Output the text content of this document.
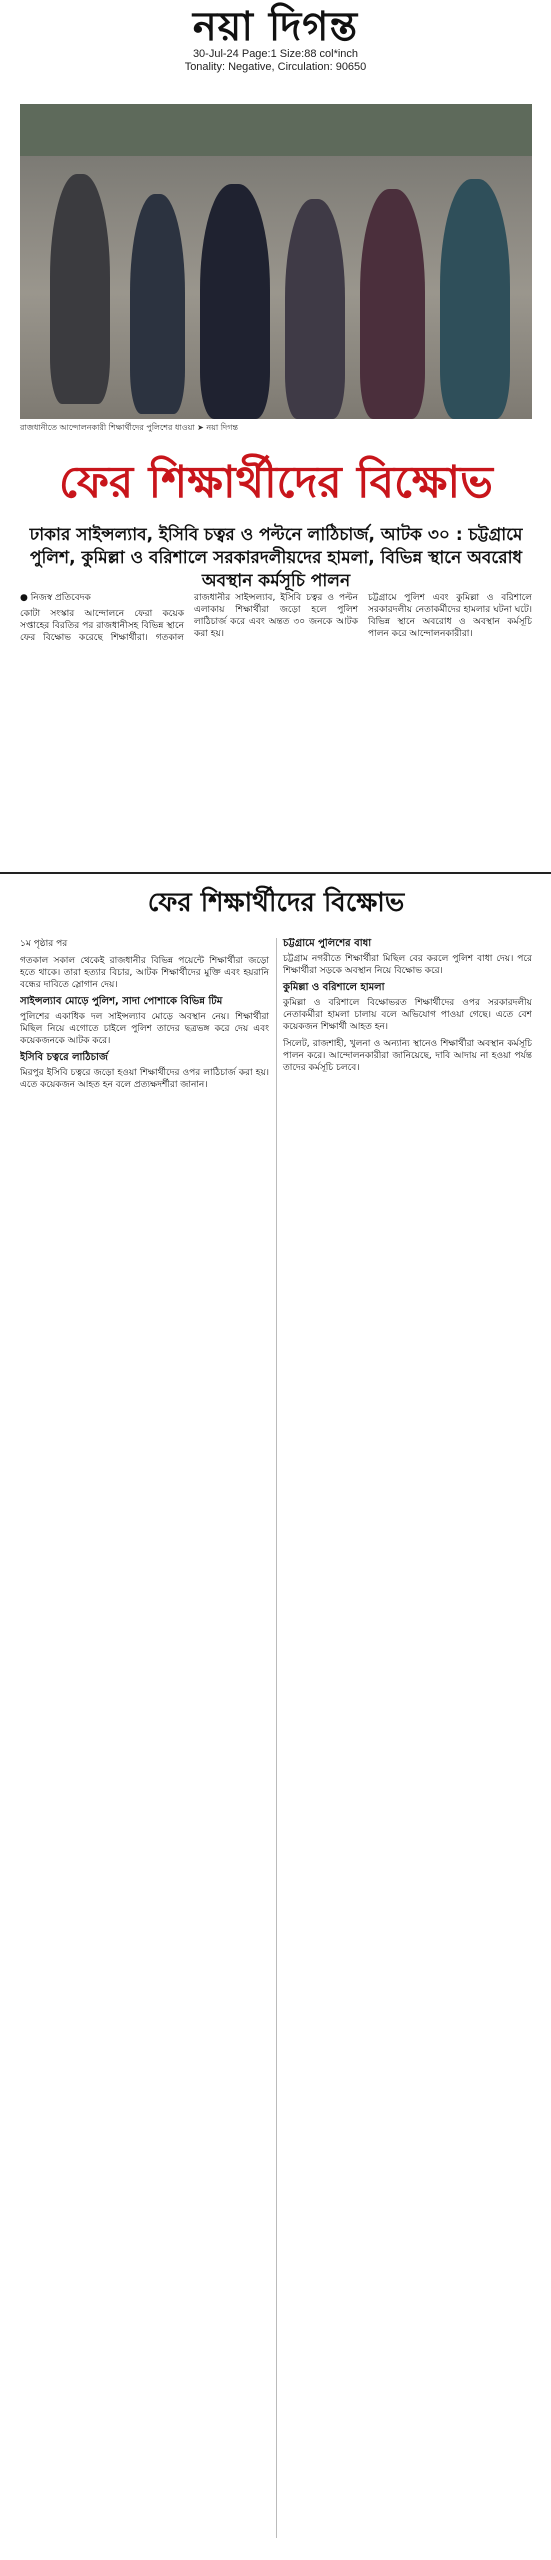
নয়া দিগন্ত
30-Jul-24 Page:1 Size:88 col*inch
Tonality: Negative, Circulation: 90650
রাজধানীতে আন্দোলনকারী শিক্ষার্থীদের পুলিশের ধাওয়া ➤ নয়া দিগন্ত
ফের শিক্ষার্থীদের বিক্ষোভ
ঢাকার সাইন্সল্যাব, ইসিবি চত্বর ও পল্টনে লাঠিচার্জ, আটক ৩০ : চট্টগ্রামে পুলিশ, কুমিল্লা ও বরিশালে সরকারদলীয়দের হামলা, বিভিন্ন স্থানে অবরোধ অবস্থান কর্মসূচি পালন

● নিজস্ব প্রতিবেদক

কোটা সংস্কার আন্দোলনে ফেরা কয়েক সপ্তাহের বিরতির পর রাজধানীসহ বিভিন্ন স্থানে ফের বিক্ষোভ করেছে শিক্ষার্থীরা। গতকাল রাজধানীর সাইন্সল্যাব, ইসিবি চত্বর ও পল্টন এলাকায় শিক্ষার্থীরা জড়ো হলে পুলিশ লাঠিচার্জ করে এবং অন্তত ৩০ জনকে আটক করা হয়।

চট্টগ্রামে পুলিশ এবং কুমিল্লা ও বরিশালে সরকারদলীয় নেতাকর্মীদের হামলার ঘটনা ঘটে। বিভিন্ন স্থানে অবরোধ ও অবস্থান কর্মসূচি পালন করে আন্দোলনকারীরা।

ফের শিক্ষার্থীদের বিক্ষোভ

১ম পৃষ্ঠার পর

গতকাল সকাল থেকেই রাজধানীর বিভিন্ন পয়েন্টে শিক্ষার্থীরা জড়ো হতে থাকে। তারা হত্যার বিচার, আটক শিক্ষার্থীদের মুক্তি এবং হয়রানি বন্ধের দাবিতে স্লোগান দেয়।

সাইন্সল্যাব মোড়ে পুলিশ, সাদা পোশাকে বিভিন্ন টিম

পুলিশের একাধিক দল সাইন্সল্যাব মোড়ে অবস্থান নেয়। শিক্ষার্থীরা মিছিল নিয়ে এগোতে চাইলে পুলিশ তাদের ছত্রভঙ্গ করে দেয় এবং কয়েকজনকে আটক করে।

ইসিবি চত্বরে লাঠিচার্জ

মিরপুর ইসিবি চত্বরে জড়ো হওয়া শিক্ষার্থীদের ওপর লাঠিচার্জ করা হয়। এতে কয়েকজন আহত হন বলে প্রত্যক্ষদর্শীরা জানান।

চট্টগ্রামে পুলিশের বাধা

চট্টগ্রাম নগরীতে শিক্ষার্থীরা মিছিল বের করলে পুলিশ বাধা দেয়। পরে শিক্ষার্থীরা সড়কে অবস্থান নিয়ে বিক্ষোভ করে।

কুমিল্লা ও বরিশালে হামলা

কুমিল্লা ও বরিশালে বিক্ষোভরত শিক্ষার্থীদের ওপর সরকারদলীয় নেতাকর্মীরা হামলা চালায় বলে অভিযোগ পাওয়া গেছে। এতে বেশ কয়েকজন শিক্ষার্থী আহত হন।

সিলেট, রাজশাহী, খুলনা ও অন্যান্য স্থানেও শিক্ষার্থীরা অবস্থান কর্মসূচি পালন করে। আন্দোলনকারীরা জানিয়েছে, দাবি আদায় না হওয়া পর্যন্ত তাদের কর্মসূচি চলবে।
